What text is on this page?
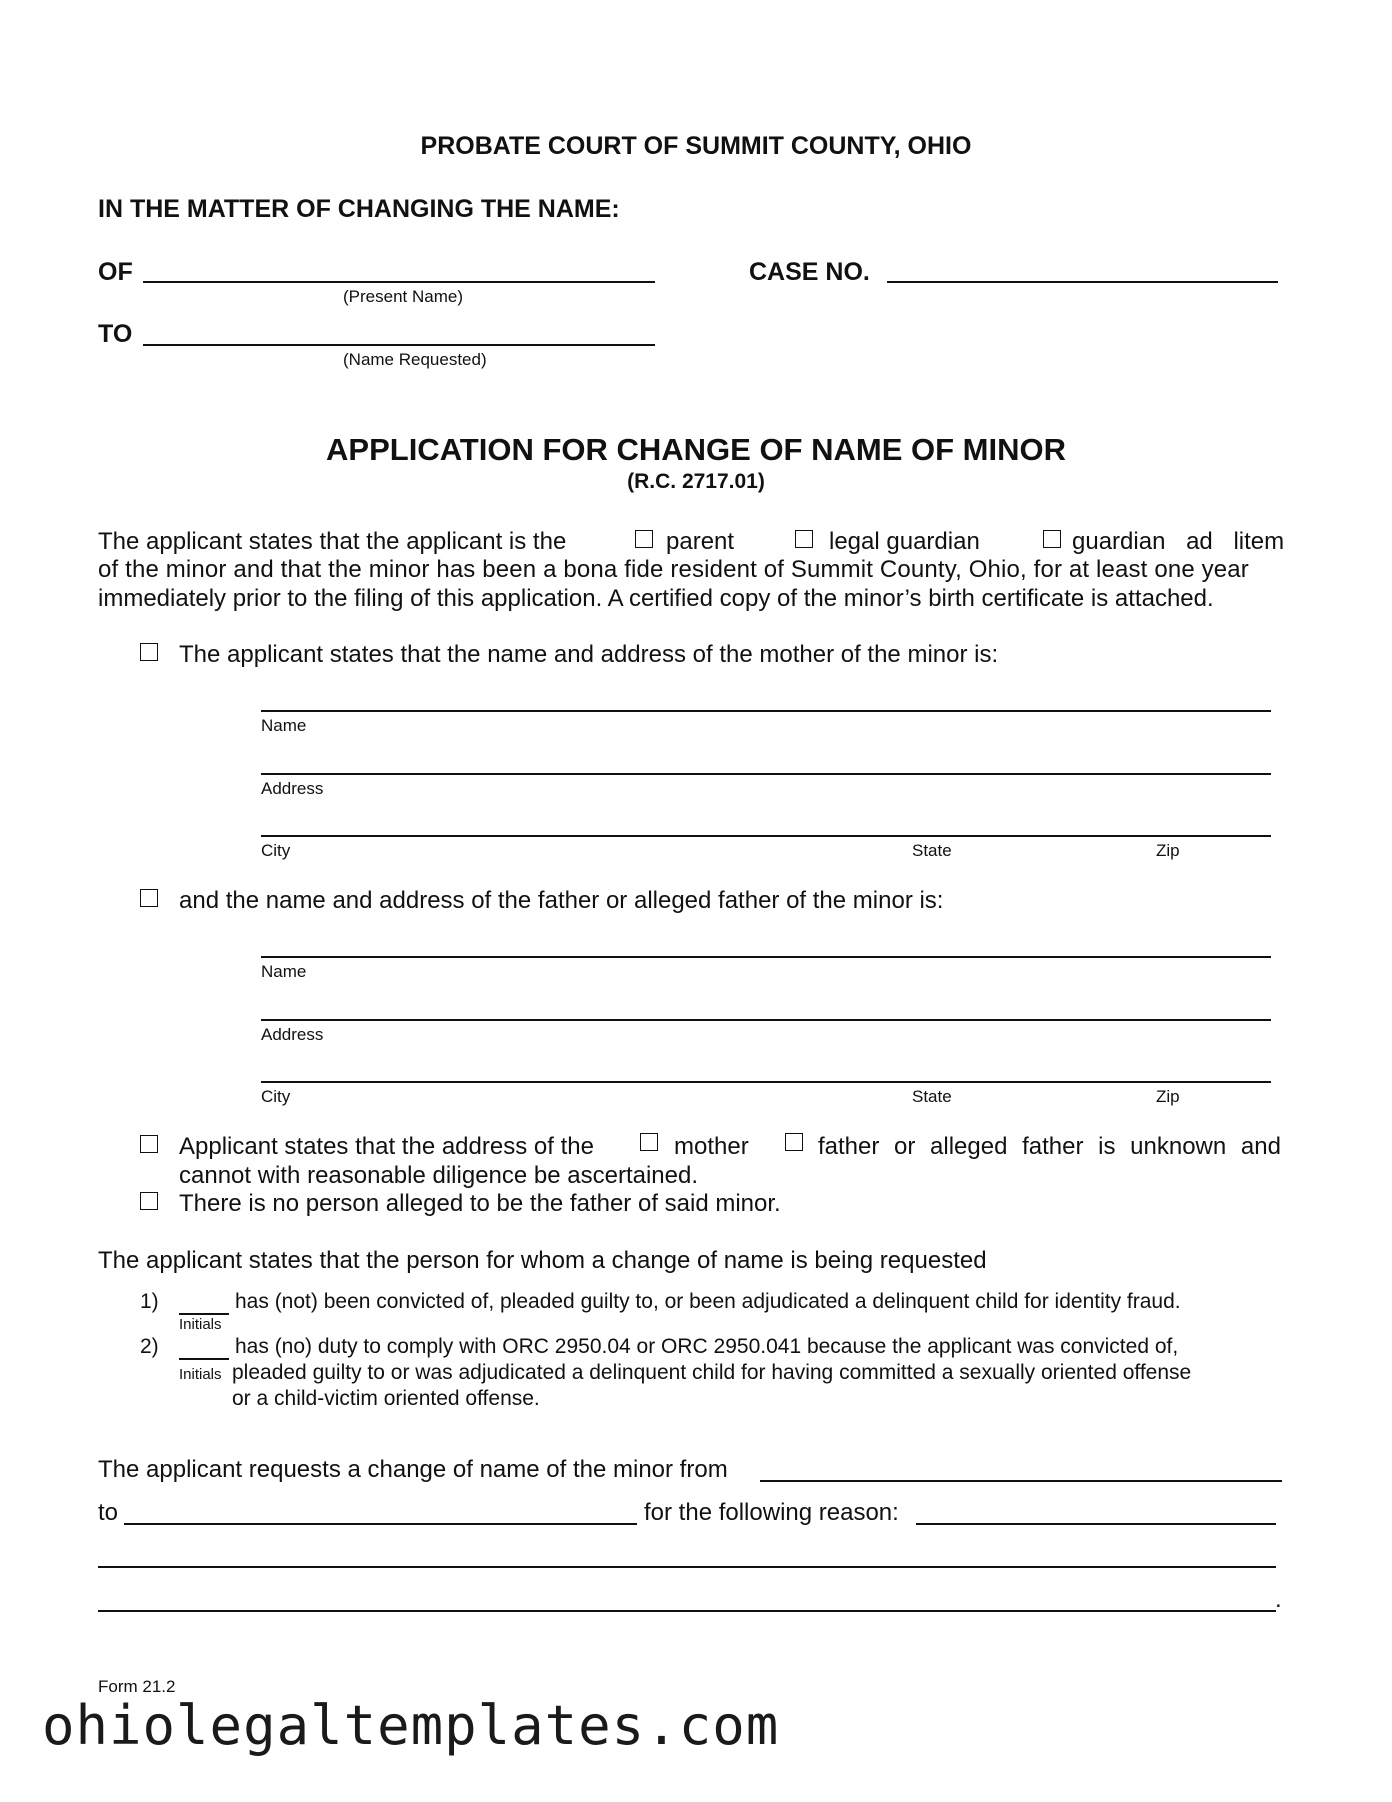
PROBATE COURT OF SUMMIT COUNTY, OHIO
IN THE MATTER OF CHANGING THE NAME:
OF
(Present Name)
CASE NO.
TO
(Name Requested)
APPLICATION FOR CHANGE OF NAME OF MINOR
(R.C. 2717.01)
The applicant states that the applicant is the	parent	legal guardian	guardian ad litem
of the minor and that the minor has been a bona fide resident of Summit County, Ohio, for at least one year
immediately prior to the filing of this application. A certified copy of the minor’s birth certificate is attached.
The applicant states that the name and address of the mother of the minor is:
Name
Address
City	State	Zip
and the name and address of the father or alleged father of the minor is:
Name
Address
City	State	Zip
Applicant states that the address of the	mother	father or alleged father is unknown and
cannot with reasonable diligence be ascertained.
There is no person alleged to be the father of said minor.
The applicant states that the person for whom a change of name is being requested
1)
Initials
has (not) been convicted of, pleaded guilty to, or been adjudicated a delinquent child for identity fraud.
2)
Initials
has (no) duty to comply with ORC 2950.04 or ORC 2950.041 because the applicant was convicted of,
pleaded guilty to or was adjudicated a delinquent child for having committed a sexually oriented offense
or a child-victim oriented offense.
The applicant requests a change of name of the minor from
to	for the following reason:
.
Form 21.2
ohiolegaltemplates.com
